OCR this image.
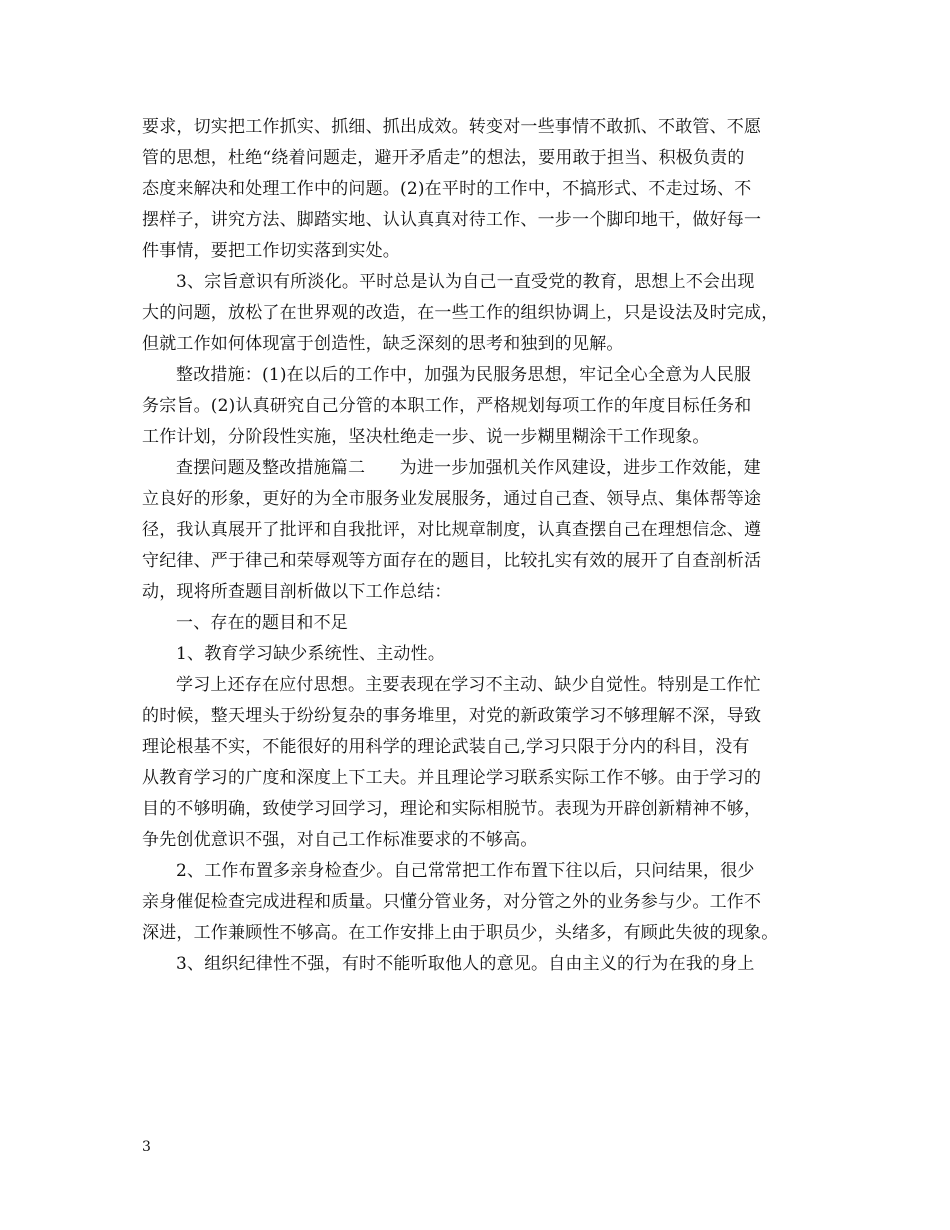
要求，切实把工作抓实、抓细、抓出成效。转变对一些事情不敢抓、不敢管、不愿
管的思想，杜绝“绕着问题走，避开矛盾走”的想法，要用敢于担当、积极负责的
态度来解决和处理工作中的问题。(2)在平时的工作中，不搞形式、不走过场、不
摆样子，讲究方法、脚踏实地、认认真真对待工作、一步一个脚印地干，做好每一
件事情，要把工作切实落到实处。
3、宗旨意识有所淡化。平时总是认为自己一直受党的教育，思想上不会出现
大的问题，放松了在世界观的改造，在一些工作的组织协调上，只是设法及时完成，
但就工作如何体现富于创造性，缺乏深刻的思考和独到的见解。
整改措施：(1)在以后的工作中，加强为民服务思想，牢记全心全意为人民服
务宗旨。(2)认真研究自己分管的本职工作，严格规划每项工作的年度目标任务和
工作计划，分阶段性实施，坚决杜绝走一步、说一步糊里糊涂干工作现象。
查摆问题及整改措施篇二　　为进一步加强机关作风建设，进步工作效能，建
立良好的形象，更好的为全市服务业发展服务，通过自己查、领导点、集体帮等途
径，我认真展开了批评和自我批评，对比规章制度，认真查摆自己在理想信念、遵
守纪律、严于律己和荣辱观等方面存在的题目，比较扎实有效的展开了自查剖析活
动，现将所查题目剖析做以下工作总结：
一、存在的题目和不足
1、教育学习缺少系统性、主动性。
学习上还存在应付思想。主要表现在学习不主动、缺少自觉性。特别是工作忙
的时候，整天埋头于纷纷复杂的事务堆里，对党的新政策学习不够理解不深，导致
理论根基不实，不能很好的用科学的理论武装自己,学习只限于分内的科目，没有
从教育学习的广度和深度上下工夫。并且理论学习联系实际工作不够。由于学习的
目的不够明确，致使学习回学习，理论和实际相脱节。表现为开辟创新精神不够，
争先创优意识不强，对自己工作标准要求的不够高。
2、工作布置多亲身检查少。自己常常把工作布置下往以后，只问结果，很少
亲身催促检查完成进程和质量。只懂分管业务，对分管之外的业务参与少。工作不
深进，工作兼顾性不够高。在工作安排上由于职员少，头绪多，有顾此失彼的现象。
3、组织纪律性不强，有时不能听取他人的意见。自由主义的行为在我的身上
3
